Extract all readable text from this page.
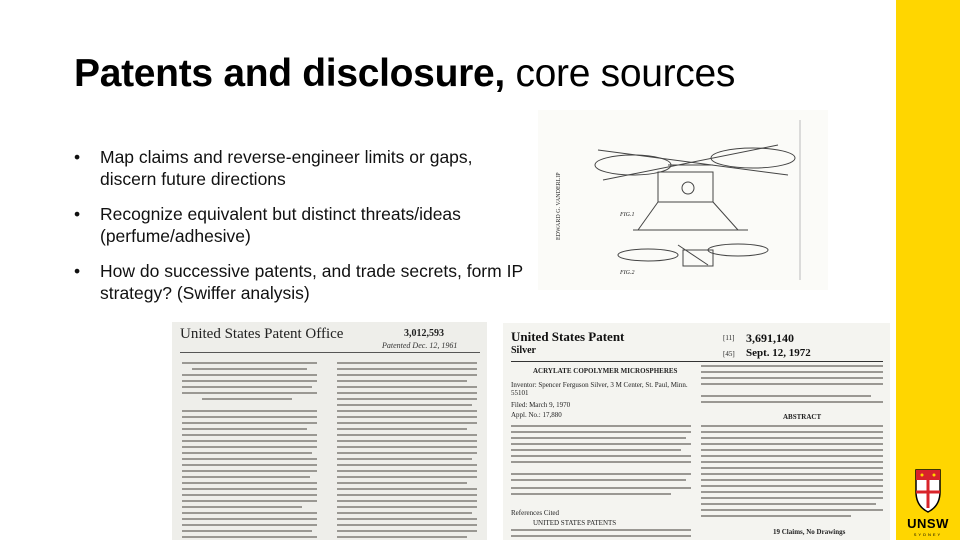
Patents and disclosure, core sources
• Map claims and reverse-engineer limits or gaps, discern future directions
• Recognize equivalent but distinct threats/ideas (perfume/adhesive)
• How do successive patents, and trade secrets, form IP strategy? (Swiffer analysis)
EDWARD G. VANDERLIP	FIG.1
FIG.2
United States Patent Office	3,012,593
Patented Dec. 12, 1961
United States Patent
Silver
[11] 3,691,140
[45] Sept. 12, 1972
ACRYLATE COPOLYMER MICROSPHERES
Inventor: Spencer Ferguson Silver, 3 M Center, St. Paul, Minn. 55101
Filed: March 9, 1970
Appl. No.: 17,880
References Cited
UNITED STATES PATENTS
ABSTRACT
19 Claims, No Drawings
UNSW
SYDNEY
